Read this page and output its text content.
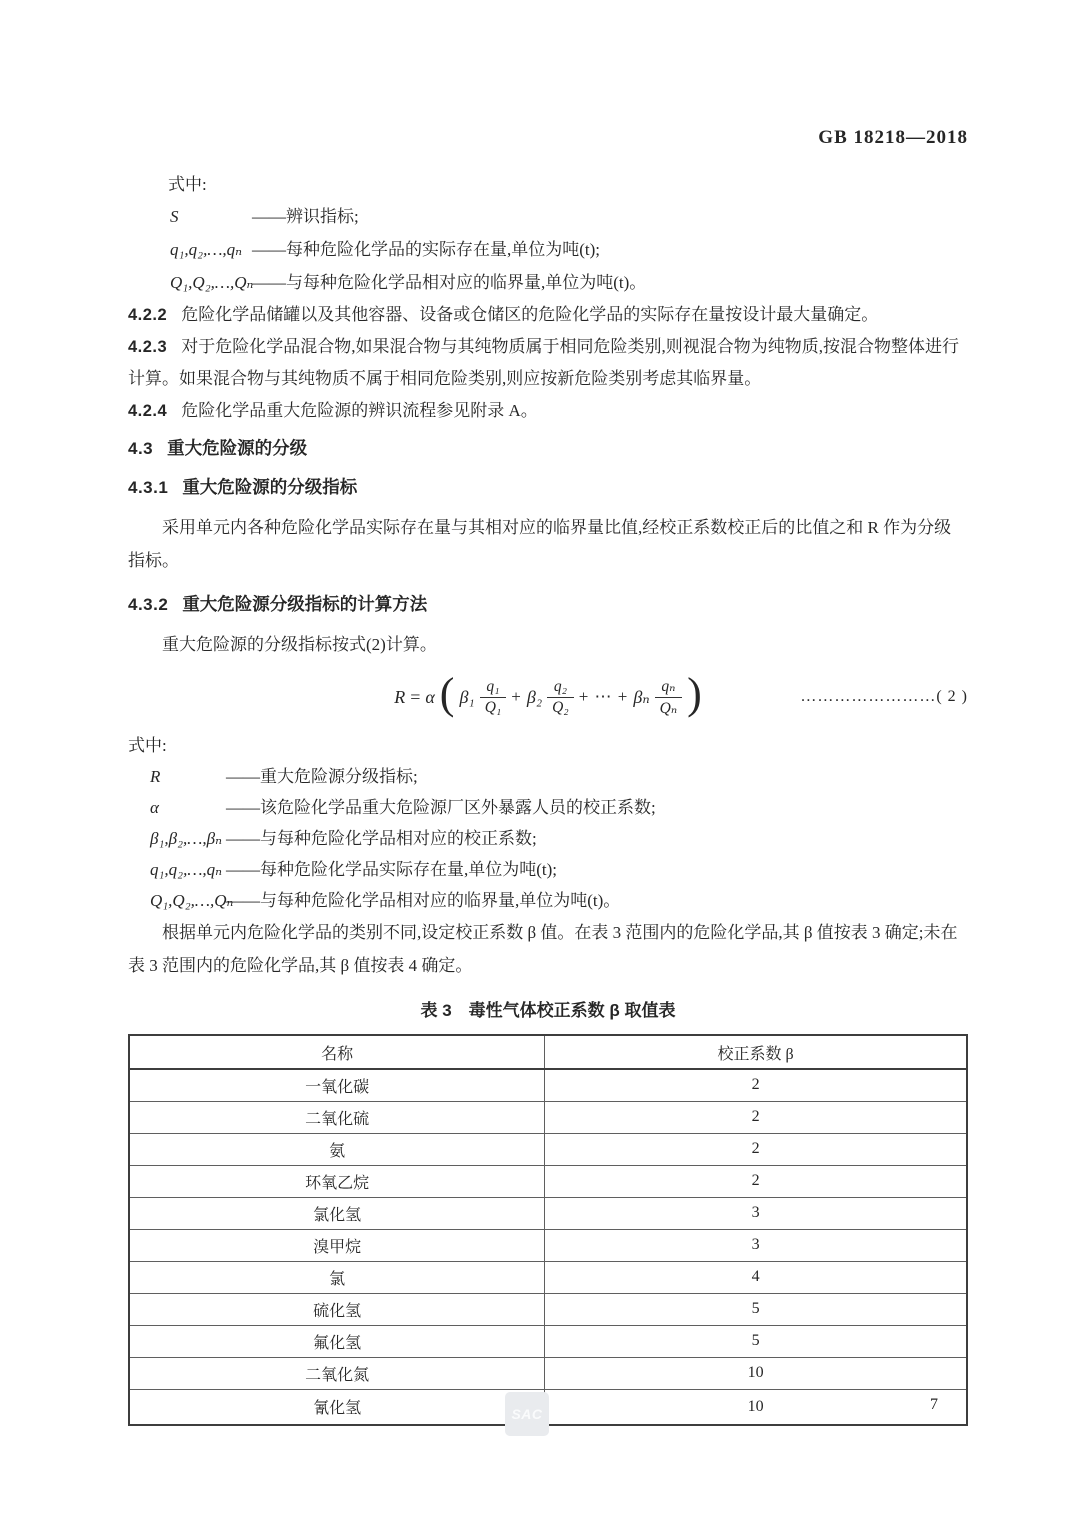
GB 18218—2018

式中:

S	——辨识指标;
q₁,q₂,…,qₙ ——每种危险化学品的实际存在量,单位为吨(t);
Q₁,Q₂,…,Qₙ
——与每种危险化学品相对应的临界量,单位为吨(t)。

4.2.2 危险化学品储罐以及其他容器、设备或仓储区的危险化学品的实际存在量按设计最大量确定。

4.2.3 对于危险化学品混合物,如果混合物与其纯物质属于相同危险类别,则视混合物为纯物质,按混合物整体进行计算。如果混合物与其纯物质不属于相同危险类别,则应按新危险类别考虑其临界量。

4.2.4 危险化学品重大危险源的辨识流程参见附录 A。

4.3 重大危险源的分级
4.3.1 重大危险源的分级指标

采用单元内各种危险化学品实际存在量与其相对应的临界量比值,经校正系数校正后的比值之和 R 作为分级指标。

4.3.2 重大危险源分级指标的计算方法

重大危险源的分级指标按式(2)计算。

R = α ( $\beta_1 \frac{\text{q₁}}{\text{Q₁}} + \beta_2 \frac{\text{q₂}}{\text{Q₂}}$ + ⋯ + βₙ $\frac{\text{qₙ}}{\text{Qₙ}}$ )	……………………( 2 )

式中:

R	——重大危险源分级指标;
α	——该危险化学品重大危险源厂区外暴露人员的校正系数;
β₁,β₂,…,βₙ ——与每种危险化学品相对应的校正系数;
q₁,q₂,…,qₙ ——每种危险化学品实际存在量,单位为吨(t);
Q₁,Q₂,…,Qₙ
——与每种危险化学品相对应的临界量,单位为吨(t)。

根据单元内危险化学品的类别不同,设定校正系数 β 值。在表 3 范围内的危险化学品,其 β 值按表 3 确定;未在表 3 范围内的危险化学品,其 β 值按表 4 确定。

表 3　毒性气体校正系数 β 取值表

名称	校正系数 β
一氧化碳	2
二氧化硫	2
氨	2
环氧乙烷	2
氯化氢	3
溴甲烷	3
氯	4
硫化氢	5
氟化氢	5
二氧化氮	10
氰化氢	10
SAC
7
